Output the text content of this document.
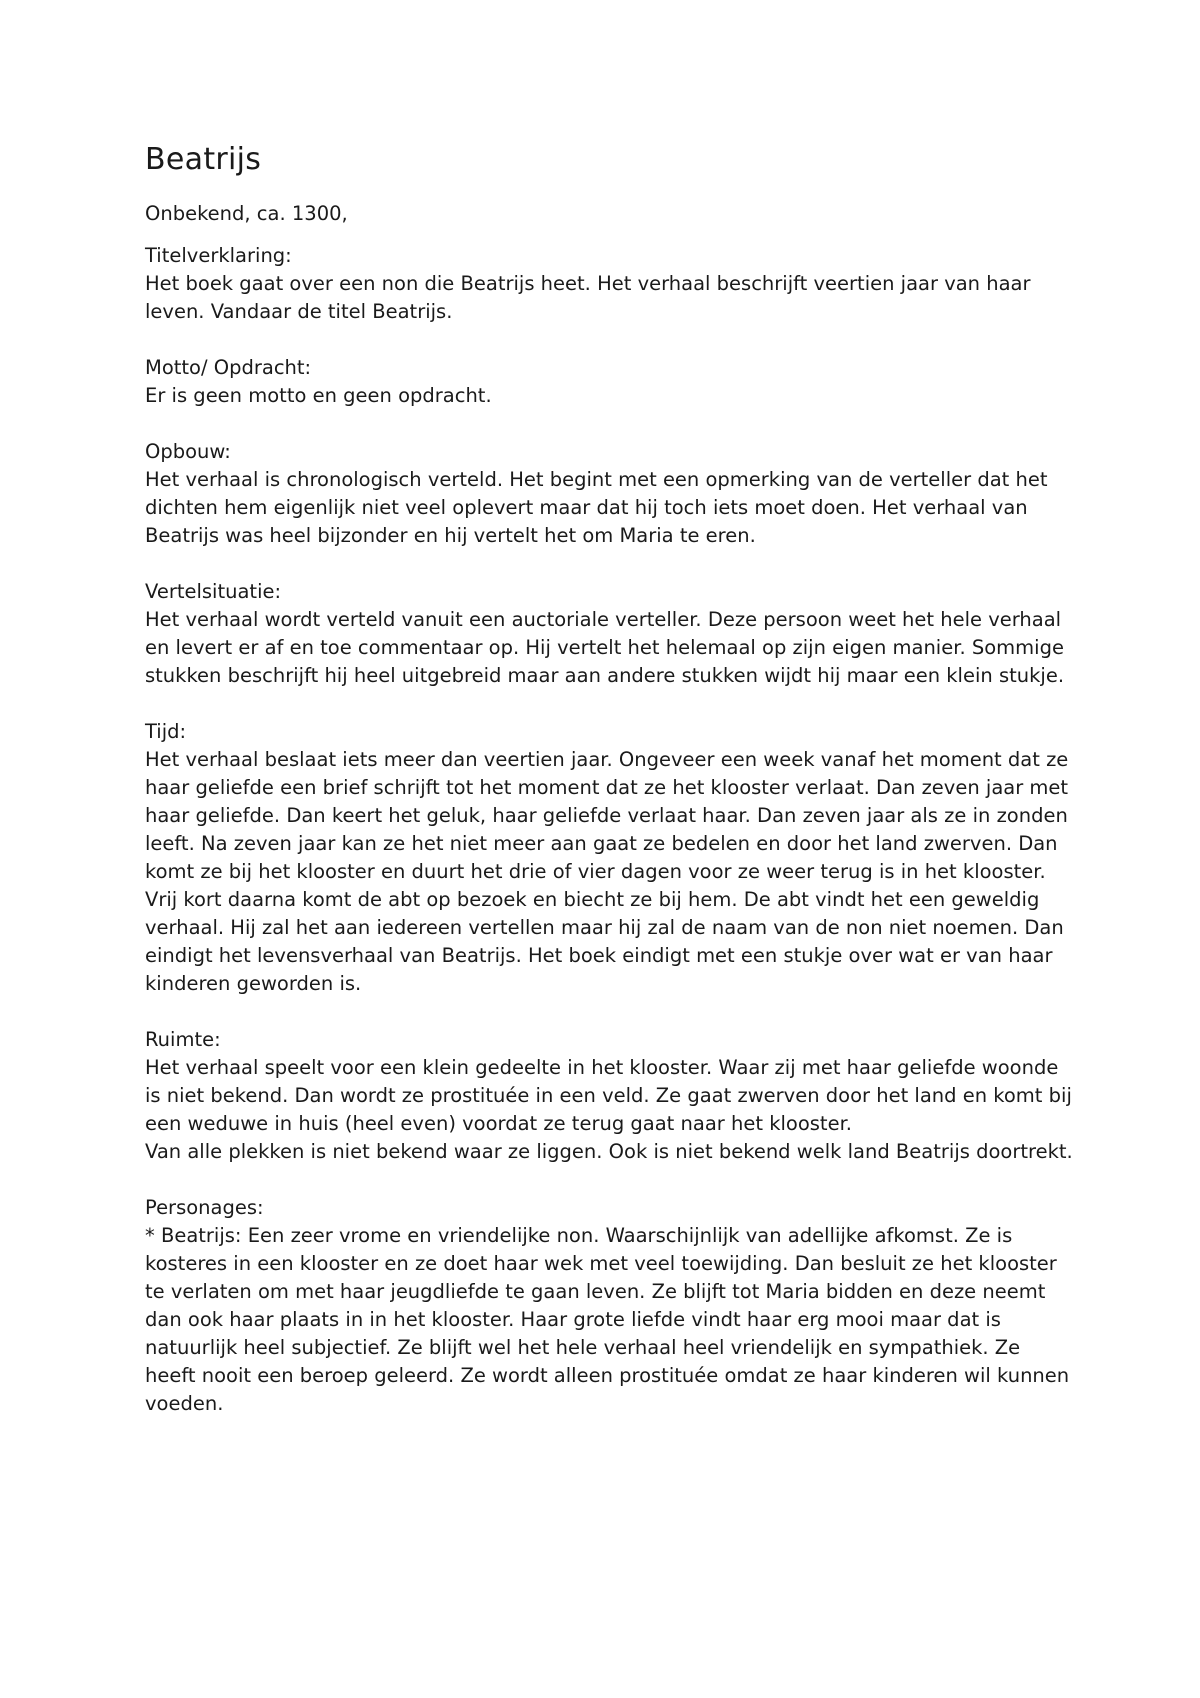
Beatrijs

Onbekend, ca. 1300,

Titelverklaring:
Het boek gaat over een non die Beatrijs heet. Het verhaal beschrijft veertien jaar van haar leven. Vandaar de titel Beatrijs.
Motto/ Opdracht:
Er is geen motto en geen opdracht.
Opbouw:
Het verhaal is chronologisch verteld. Het begint met een opmerking van de verteller dat het dichten hem eigenlijk niet veel oplevert maar dat hij toch iets moet doen. Het verhaal van Beatrijs was heel bijzonder en hij vertelt het om Maria te eren.
Vertelsituatie:
Het verhaal wordt verteld vanuit een auctoriale verteller. Deze persoon weet het hele verhaal en levert er af en toe commentaar op. Hij vertelt het helemaal op zijn eigen manier. Sommige stukken beschrijft hij heel uitgebreid maar aan andere stukken wijdt hij maar een klein stukje.
Tijd:
Het verhaal beslaat iets meer dan veertien jaar. Ongeveer een week vanaf het moment dat ze haar geliefde een brief schrijft tot het moment dat ze het klooster verlaat. Dan zeven jaar met haar geliefde. Dan keert het geluk, haar geliefde verlaat haar. Dan zeven jaar als ze in zonden leeft. Na zeven jaar kan ze het niet meer aan gaat ze bedelen en door het land zwerven. Dan komt ze bij het klooster en duurt het drie of vier dagen voor ze weer terug is in het klooster. Vrij kort daarna komt de abt op bezoek en biecht ze bij hem. De abt vindt het een geweldig verhaal. Hij zal het aan iedereen vertellen maar hij zal de naam van de non niet noemen. Dan eindigt het levensverhaal van Beatrijs. Het boek eindigt met een stukje over wat er van haar kinderen geworden is.
Ruimte:
Het verhaal speelt voor een klein gedeelte in het klooster. Waar zij met haar geliefde woonde is niet bekend. Dan wordt ze prostituée in een veld. Ze gaat zwerven door het land en komt bij een weduwe in huis (heel even) voordat ze terug gaat naar het klooster.
Van alle plekken is niet bekend waar ze liggen. Ook is niet bekend welk land Beatrijs doortrekt.
Personages:
* Beatrijs: Een zeer vrome en vriendelijke non. Waarschijnlijk van adellijke afkomst. Ze is kosteres in een klooster en ze doet haar wek met veel toewijding. Dan besluit ze het klooster te verlaten om met haar jeugdliefde te gaan leven. Ze blijft tot Maria bidden en deze neemt dan ook haar plaats in in het klooster. Haar grote liefde vindt haar erg mooi maar dat is natuurlijk heel subjectief. Ze blijft wel het hele verhaal heel vriendelijk en sympathiek. Ze heeft nooit een beroep geleerd. Ze wordt alleen prostituée omdat ze haar kinderen wil kunnen voeden.
